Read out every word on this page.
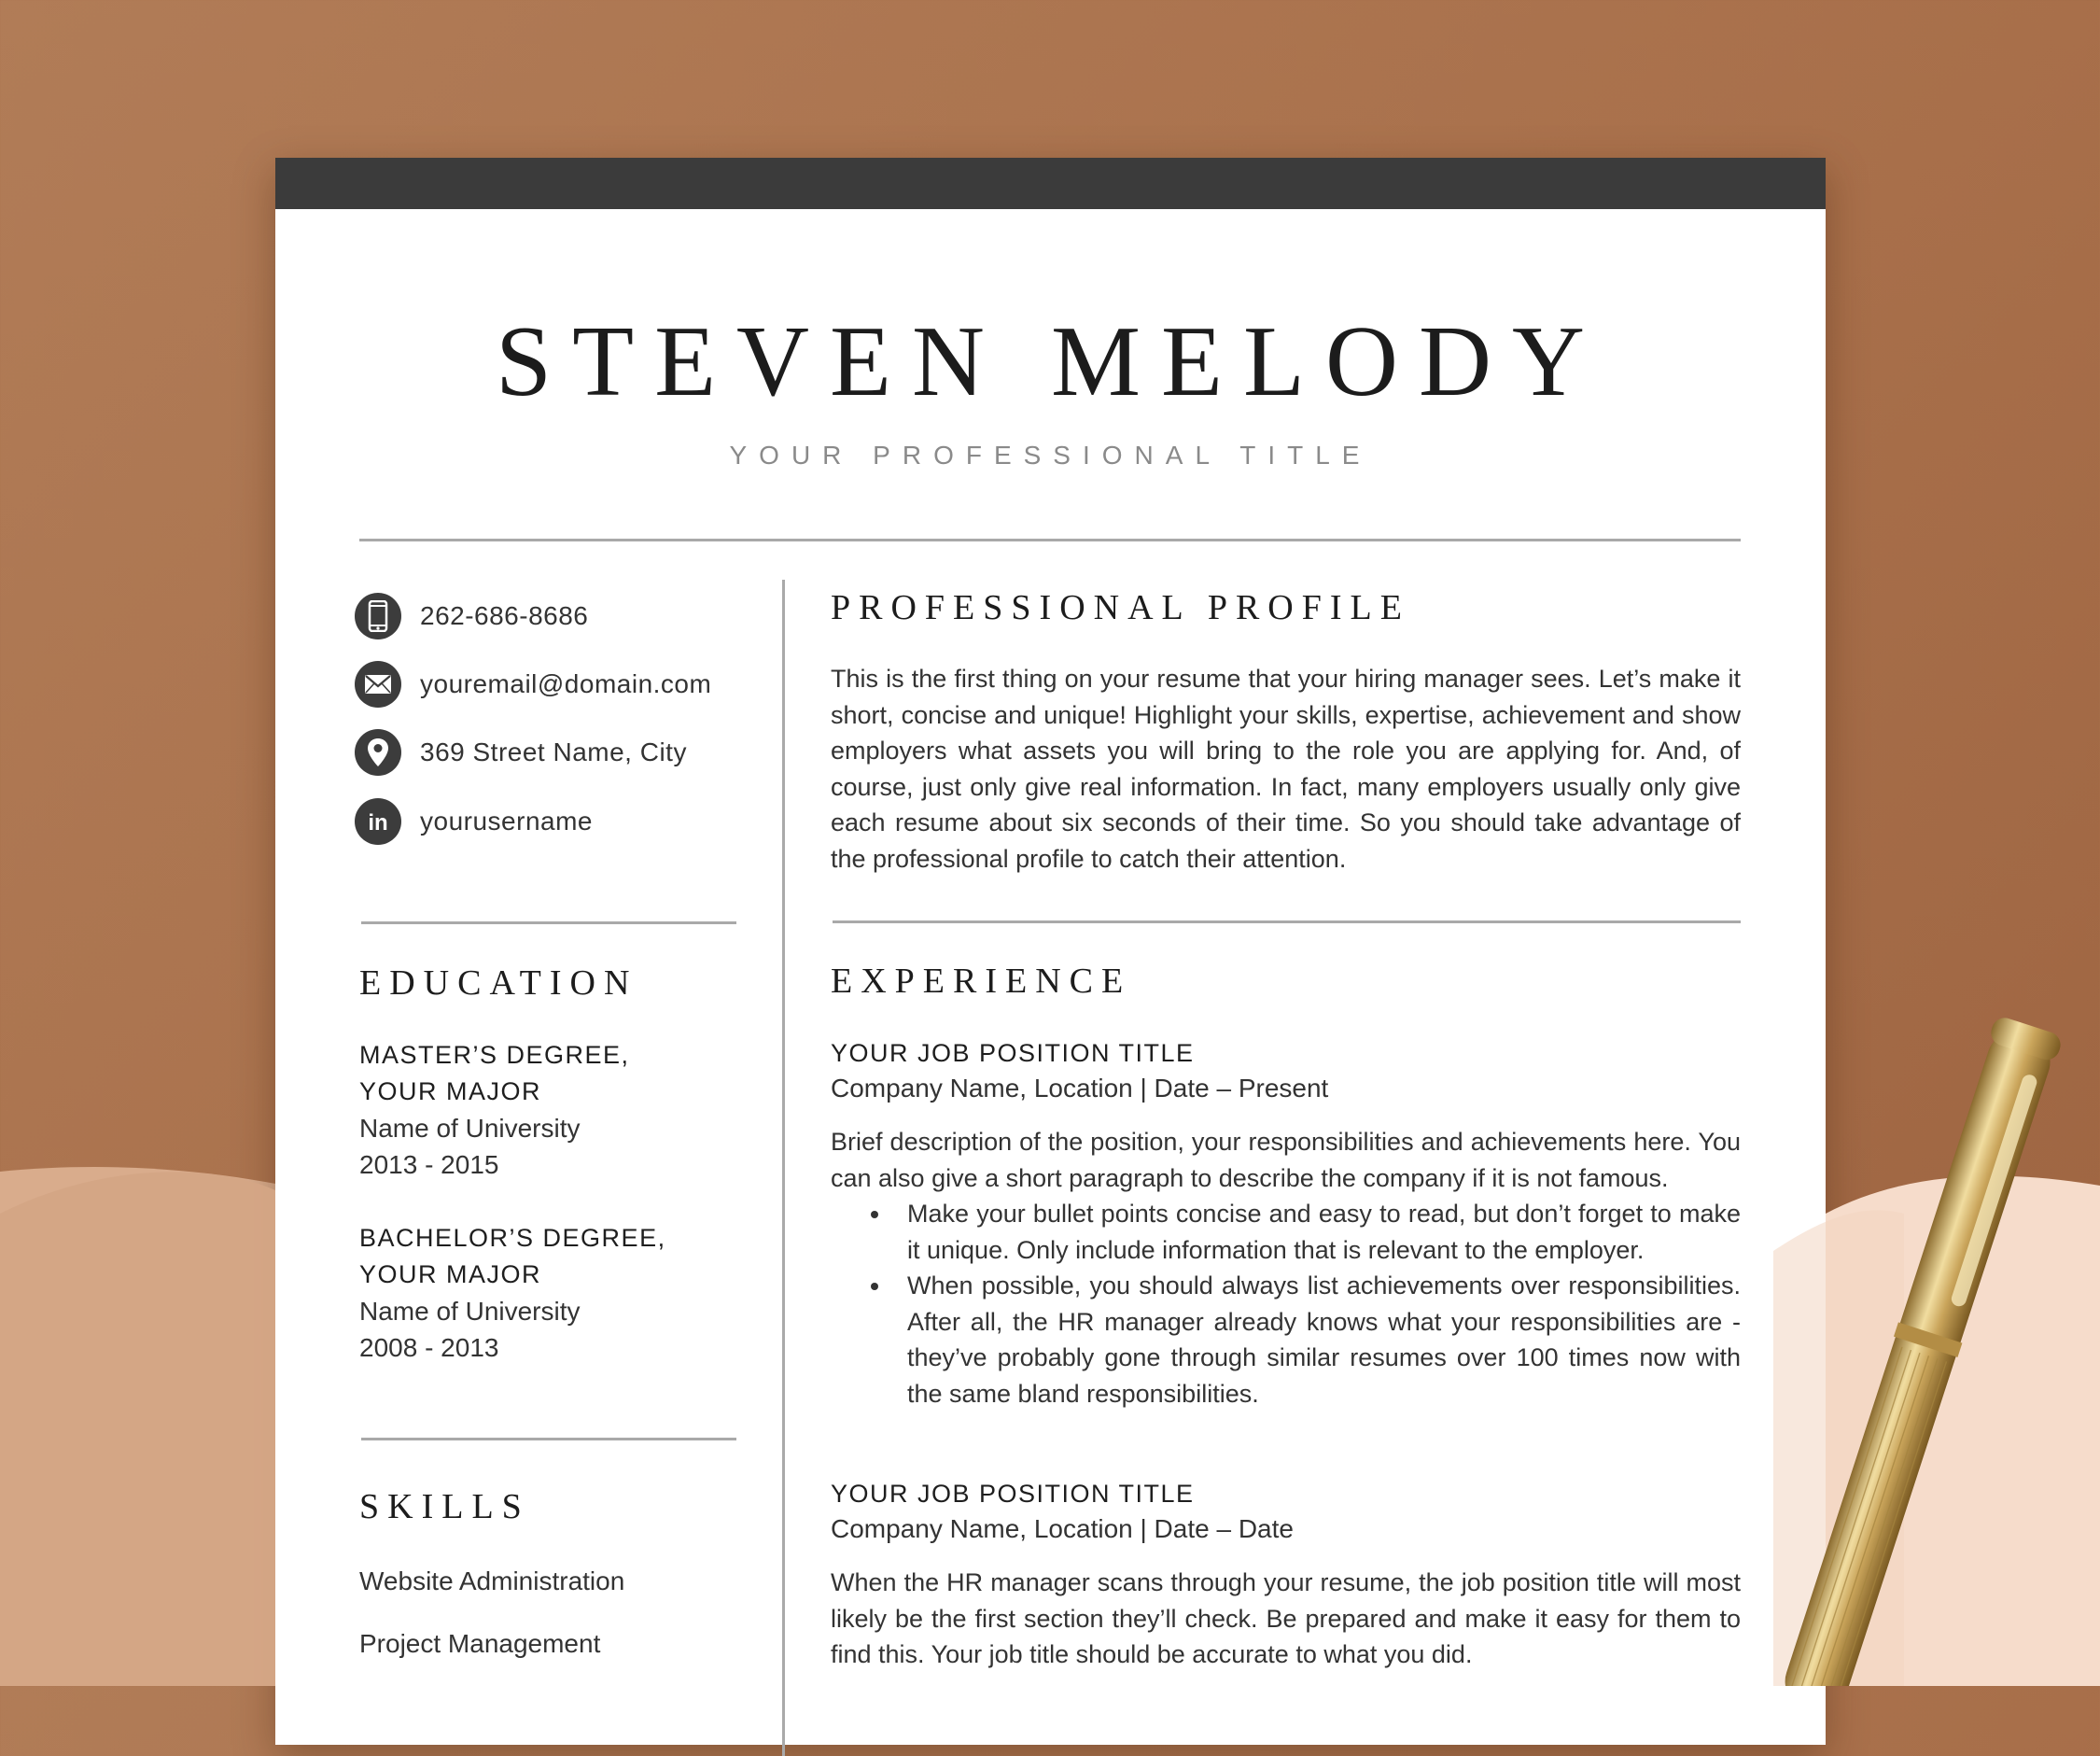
STEVEN MELODY
YOUR PROFESSIONAL TITLE
262-686-8686
youremail@domain.com
369 Street Name, City
in yourusername
EDUCATION
MASTER’S DEGREE,
YOUR MAJOR
Name of University
2013 - 2015
BACHELOR’S DEGREE,
YOUR MAJOR
Name of University
2008 - 2013
SKILLS
Website Administration
Project Management
PROFESSIONAL PROFILE
This is the first thing on your resume that your hiring manager sees. Let’s make it short, concise and unique! Highlight your skills, expertise, achievement and show employers what assets you will bring to the role you are applying for. And, of course, just only give real information. In fact, many employers usually only give each resume about six seconds of their time. So you should take advantage of the professional profile to catch their attention.
EXPERIENCE
YOUR JOB POSITION TITLE
Company Name, Location | Date – Present
Brief description of the position, your responsibilities and achievements here. You can also give a short paragraph to describe the company if it is not famous.
Make your bullet points concise and easy to read, but don’t forget to make it unique. Only include information that is relevant to the employer.
When possible, you should always list achievements over responsibilities. After all, the HR manager already knows what your responsibilities are - they’ve probably gone through similar resumes over 100 times now with the same bland responsibilities.
YOUR JOB POSITION TITLE
Company Name, Location | Date – Date
When the HR manager scans through your resume, the job position title will most likely be the first section they’ll check. Be prepared and make it easy for them to find this. Your job title should be accurate to what you did.
